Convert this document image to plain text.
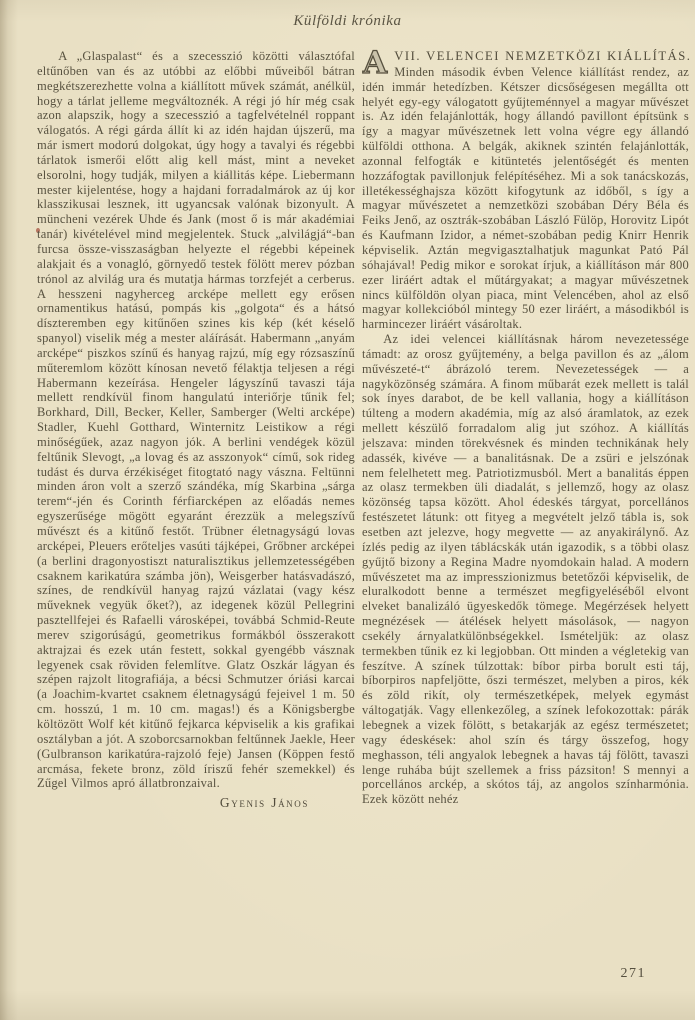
Külföldi krónika

A „Glaspalast“ és a szecesszió közötti választófal eltűnőben van és az utóbbi az előbbi műveiből bátran megkétszerezhette volna a kiállított művek számát, anélkül, hogy a tárlat jelleme megváltoznék. A régi jó hír még csak azon alapszik, hogy a szecesszió a tagfelvételnél roppant válogatós. A régi gárda állít ki az idén hajdan újszerű, ma már ismert modorú dolgokat, úgy hogy a tavalyi és régebbi tárlatok ismerői előtt alig kell mást, mint a neveket elsorolni, hogy tudják, milyen a kiállitás képe. Liebermann mester kijelentése, hogy a hajdani forradalmárok az új kor klasszikusai lesznek, itt ugyancsak valónak bizonyult. A müncheni vezérek Uhde és Jank (most ő is már akadémiai tanár) kivételével mind megjelentek. Stuck „alvilágjá“-ban furcsa össze-visszaságban helyezte el régebbi képeinek alakjait és a vonagló, görnyedő testek fölött merev pózban trónol az alvilág ura és mutatja hármas torzfejét a cerberus. A hesszeni nagyherceg arcképe mellett egy erősen ornamentikus hatású, pompás kis „golgota“ és a hátsó díszteremben egy kitűnően szines kis kép (két késelő spanyol) viselik még a mester aláírását. Habermann „anyám arcképe“ piszkos színű és hanyag rajzú, míg egy rózsaszínű műteremlom között kínosan nevető félaktja teljesen a régi Habermann kezeírása. Hengeler lágyszínű tavaszi tája mellett rendkívül finom hangulatú interiőrje tűnik fel; Borkhard, Dill, Becker, Keller, Samberger (Welti arcképe) Stadler, Kuehl Gotthard, Winternitz Leistikow a régi minőségűek, azaz nagyon jók. A berlini vendégek közül feltűnik Slevogt, „a lovag és az asszonyok“ című, sok rideg tudást és durva érzékiséget fitogtató nagy vászna. Feltünni minden áron volt a szerző szándéka, míg Skarbina „sárga terem“-jén és Corinth férfiarcképen az előadás nemes egyszerűsége mögött egyaránt érezzük a melegszívű művészt és a kitűnő festőt. Trübner életnagyságú lovas arcképei, Pleuers erőteljes vasúti tájképei, Grőbner arcképei (a berlini dragonyostiszt naturalisztikus jellemzetességében csaknem karikatúra számba jön), Weisgerber hatásvadászó, színes, de rendkívül hanyag rajzú vázlatai (vagy kész műveknek vegyük őket?), az idegenek közül Pellegrini pasztellfejei és Rafaelli városképei, továbbá Schmid-Reute merev szigorúságú, geometrikus formákból összerakott aktrajzai és ezek után festett, sokkal gyengébb vásznak legyenek csak röviden felemlítve. Glatz Oszkár lágyan és szépen rajzolt litografiája, a bécsi Schmutzer óriási karcai (a Joachim-kvartet csaknem életnagyságú fejeivel 1 m. 50 cm. hosszú, 1 m. 10 cm. magas!) és a Königsbergbe költözött Wolf két kitűnő fejkarca képviselik a kis grafikai osztályban a jót. A szoborcsarnokban feltűnnek Jaekle, Heer (Gulbranson karikatúra-rajzoló feje) Jansen (Köppen festő arcmása, fekete bronz, zöld íriszű fehér szemekkel) és Zűgel Vilmos apró állatbronzaival.

Gyenis János
A VII. VELENCEI NEMZETKÖZI KIÁLLÍTÁS.

Minden második évben Velence kiállítást rendez, az idén immár hetedízben. Kétszer dicsőségesen megállta ott helyét egy-egy válogatott gyűjteménnyel a magyar művészet is. Az idén felajánlották, hogy állandó pavillont építsünk s így a magyar művészetnek lett volna végre egy állandó külföldi otthona. A belgák, akiknek szintén felajánlották, azonnal felfogták e kitüntetés jelentőségét és menten hozzáfogtak pavillonjuk felépítéséhez. Mi a sok tanácskozás, illetékességhajsza között kifogytunk az időből, s így a magyar művészetet a nemzetközi szobában Déry Béla és Feiks Jenő, az osztrák-szobában László Fülöp, Horovitz Lipót és Kaufmann Izidor, a német-szobában pedig Knirr Henrik képviselik. Aztán megvigasztalhatjuk magunkat Pató Pál sóhajával! Pedig mikor e sorokat írjuk, a kiállításon már 800 ezer liráért adtak el műtárgyakat; a magyar művészetnek nincs külföldön olyan piaca, mint Velencében, ahol az első magyar kollekcióból mintegy 50 ezer liráért, a másodikból is harmincezer liráért vásároltak.

Az idei velencei kiállításnak három nevezetessége támadt: az orosz gyűjtemény, a belga pavillon és az „álom művészeté-t“ ábrázoló terem. Nevezetességek — a nagyközönség számára. A finom műbarát ezek mellett is talál sok ínyes darabot, de be kell vallania, hogy a kiállításon túlteng a modern akadémia, míg az alsó áramlatok, az ezek mellett készülő forradalom alig jut szóhoz. A kiállítás jelszava: minden törekvésnek és minden technikának hely adassék, kivéve — a banalitásnak. De a zsüri e jelszónak nem felelhetett meg. Patriotizmusból. Mert a banalitás éppen az olasz termekben üli diadalát, s jellemző, hogy az olasz közönség tapsa között. Ahol édeskés tárgyat, porcellános festészetet látunk: ott fityeg a megvételt jelző tábla is, sok esetben azt jelezve, hogy megvette — az anyakirálynő. Az ízlés pedig az ilyen táblácskák után igazodik, s a többi olasz gyűjtő bizony a Regina Madre nyomdokain halad. A modern művészetet ma az impresszionizmus betetőzői képviselik, de eluralkodott benne a természet megfigyeléséből elvont elveket banalizáló ügyeskedők tömege. Megérzések helyett megnézések — átélések helyett másolások, — nagyon csekély árnyalatkülönbségekkel. Ismételjük: az olasz termekben tűnik ez ki legjobban. Ott minden a végletekig van feszítve. A színek túlzottak: bíbor pirba borult esti táj, bíborpiros napfeljötte, őszi természet, melyben a piros, kék és zöld rikít, oly természetképek, melyek egymást váltogatják. Vagy ellenkezőleg, a színek lefokozottak: párák lebegnek a vizek fölött, s betakarják az egész természetet; vagy édeskések: ahol szín és tárgy összefog, hogy meghasson, téli angyalok lebegnek a havas táj fölött, tavaszi lenge ruhába bújt szellemek a friss pázsiton! S mennyi a porcellános arckép, a skótos táj, az angolos színharmónia. Ezek között nehéz

271
